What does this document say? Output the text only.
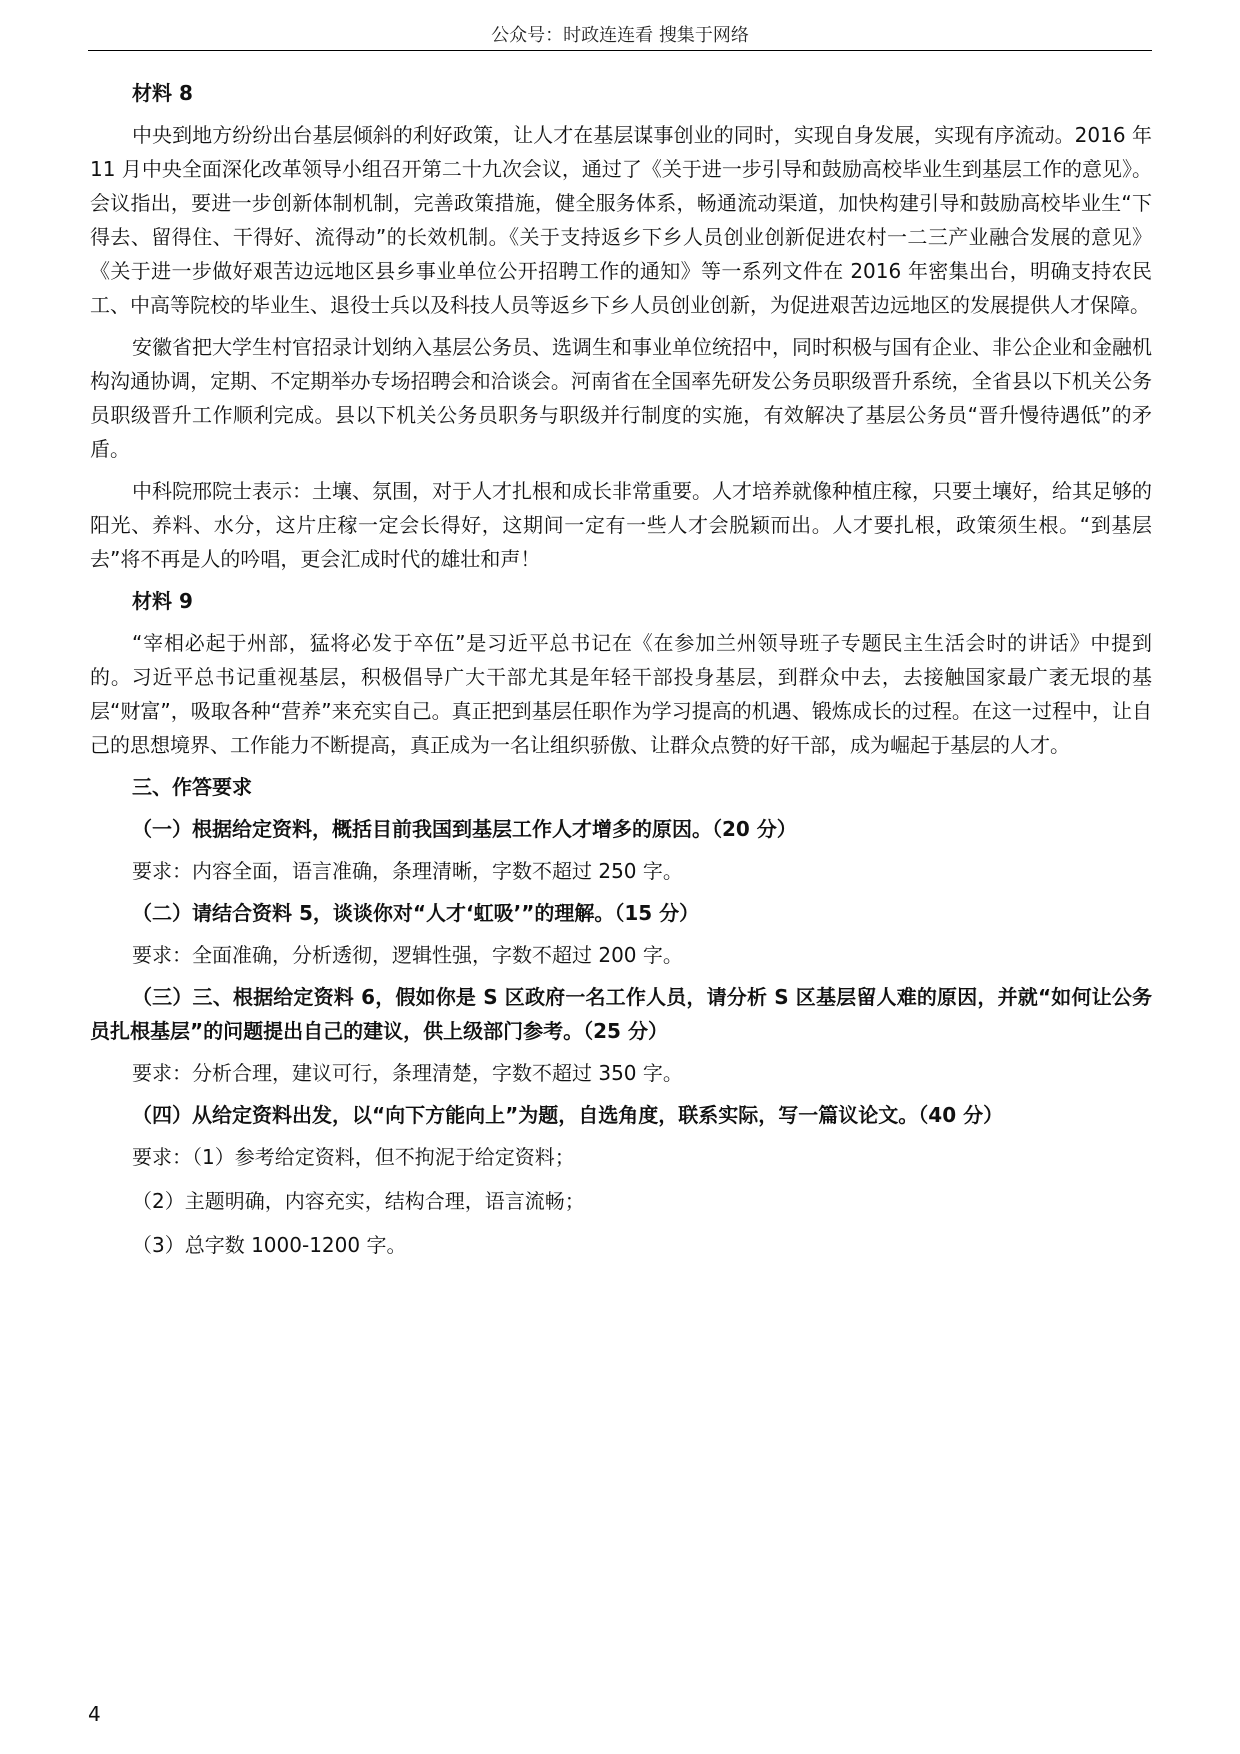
公众号：时政连连看 搜集于网络

材料 8

中央到地方纷纷出台基层倾斜的利好政策，让人才在基层谋事创业的同时，实现自身发展，实现有序流动。2016 年 11 月中央全面深化改革领导小组召开第二十九次会议，通过了《关于进一步引导和鼓励高校毕业生到基层工作的意见》。会议指出，要进一步创新体制机制，完善政策措施，健全服务体系，畅通流动渠道，加快构建引导和鼓励高校毕业生“下得去、留得住、干得好、流得动”的长效机制。《关于支持返乡下乡人员创业创新促进农村一二三产业融合发展的意见》《关于进一步做好艰苦边远地区县乡事业单位公开招聘工作的通知》等一系列文件在 2016 年密集出台，明确支持农民工、中高等院校的毕业生、退役士兵以及科技人员等返乡下乡人员创业创新，为促进艰苦边远地区的发展提供人才保障。

安徽省把大学生村官招录计划纳入基层公务员、选调生和事业单位统招中，同时积极与国有企业、非公企业和金融机构沟通协调，定期、不定期举办专场招聘会和洽谈会。河南省在全国率先研发公务员职级晋升系统，全省县以下机关公务员职级晋升工作顺利完成。县以下机关公务员职务与职级并行制度的实施，有效解决了基层公务员“晋升慢待遇低”的矛盾。

中科院邢院士表示：土壤、氛围，对于人才扎根和成长非常重要。人才培养就像种植庄稼，只要土壤好，给其足够的阳光、养料、水分，这片庄稼一定会长得好，这期间一定有一些人才会脱颖而出。人才要扎根，政策须生根。“到基层去”将不再是人的吟唱，更会汇成时代的雄壮和声！

材料 9

“宰相必起于州部，猛将必发于卒伍”是习近平总书记在《在参加兰州领导班子专题民主生活会时的讲话》中提到的。习近平总书记重视基层，积极倡导广大干部尤其是年轻干部投身基层，到群众中去，去接触国家最广袤无垠的基层“财富”，吸取各种“营养”来充实自己。真正把到基层任职作为学习提高的机遇、锻炼成长的过程。在这一过程中，让自己的思想境界、工作能力不断提高，真正成为一名让组织骄傲、让群众点赞的好干部，成为崛起于基层的人才。

三、作答要求

（一）根据给定资料，概括目前我国到基层工作人才增多的原因。（20 分）

要求：内容全面，语言准确，条理清晰，字数不超过 250 字。

（二）请结合资料 5，谈谈你对“人才‘虹吸’”的理解。（15 分）

要求：全面准确，分析透彻，逻辑性强，字数不超过 200 字。

（三）三、根据给定资料 6，假如你是 S 区政府一名工作人员，请分析 S 区基层留人难的原因，并就“如何让公务员扎根基层”的问题提出自己的建议，供上级部门参考。（25 分）

要求：分析合理，建议可行，条理清楚，字数不超过 350 字。

（四）从给定资料出发，以“向下方能向上”为题，自选角度，联系实际，写一篇议论文。（40 分）

要求：（1）参考给定资料，但不拘泥于给定资料；

（2）主题明确，内容充实，结构合理，语言流畅；

（3）总字数 1000-1200 字。

4
